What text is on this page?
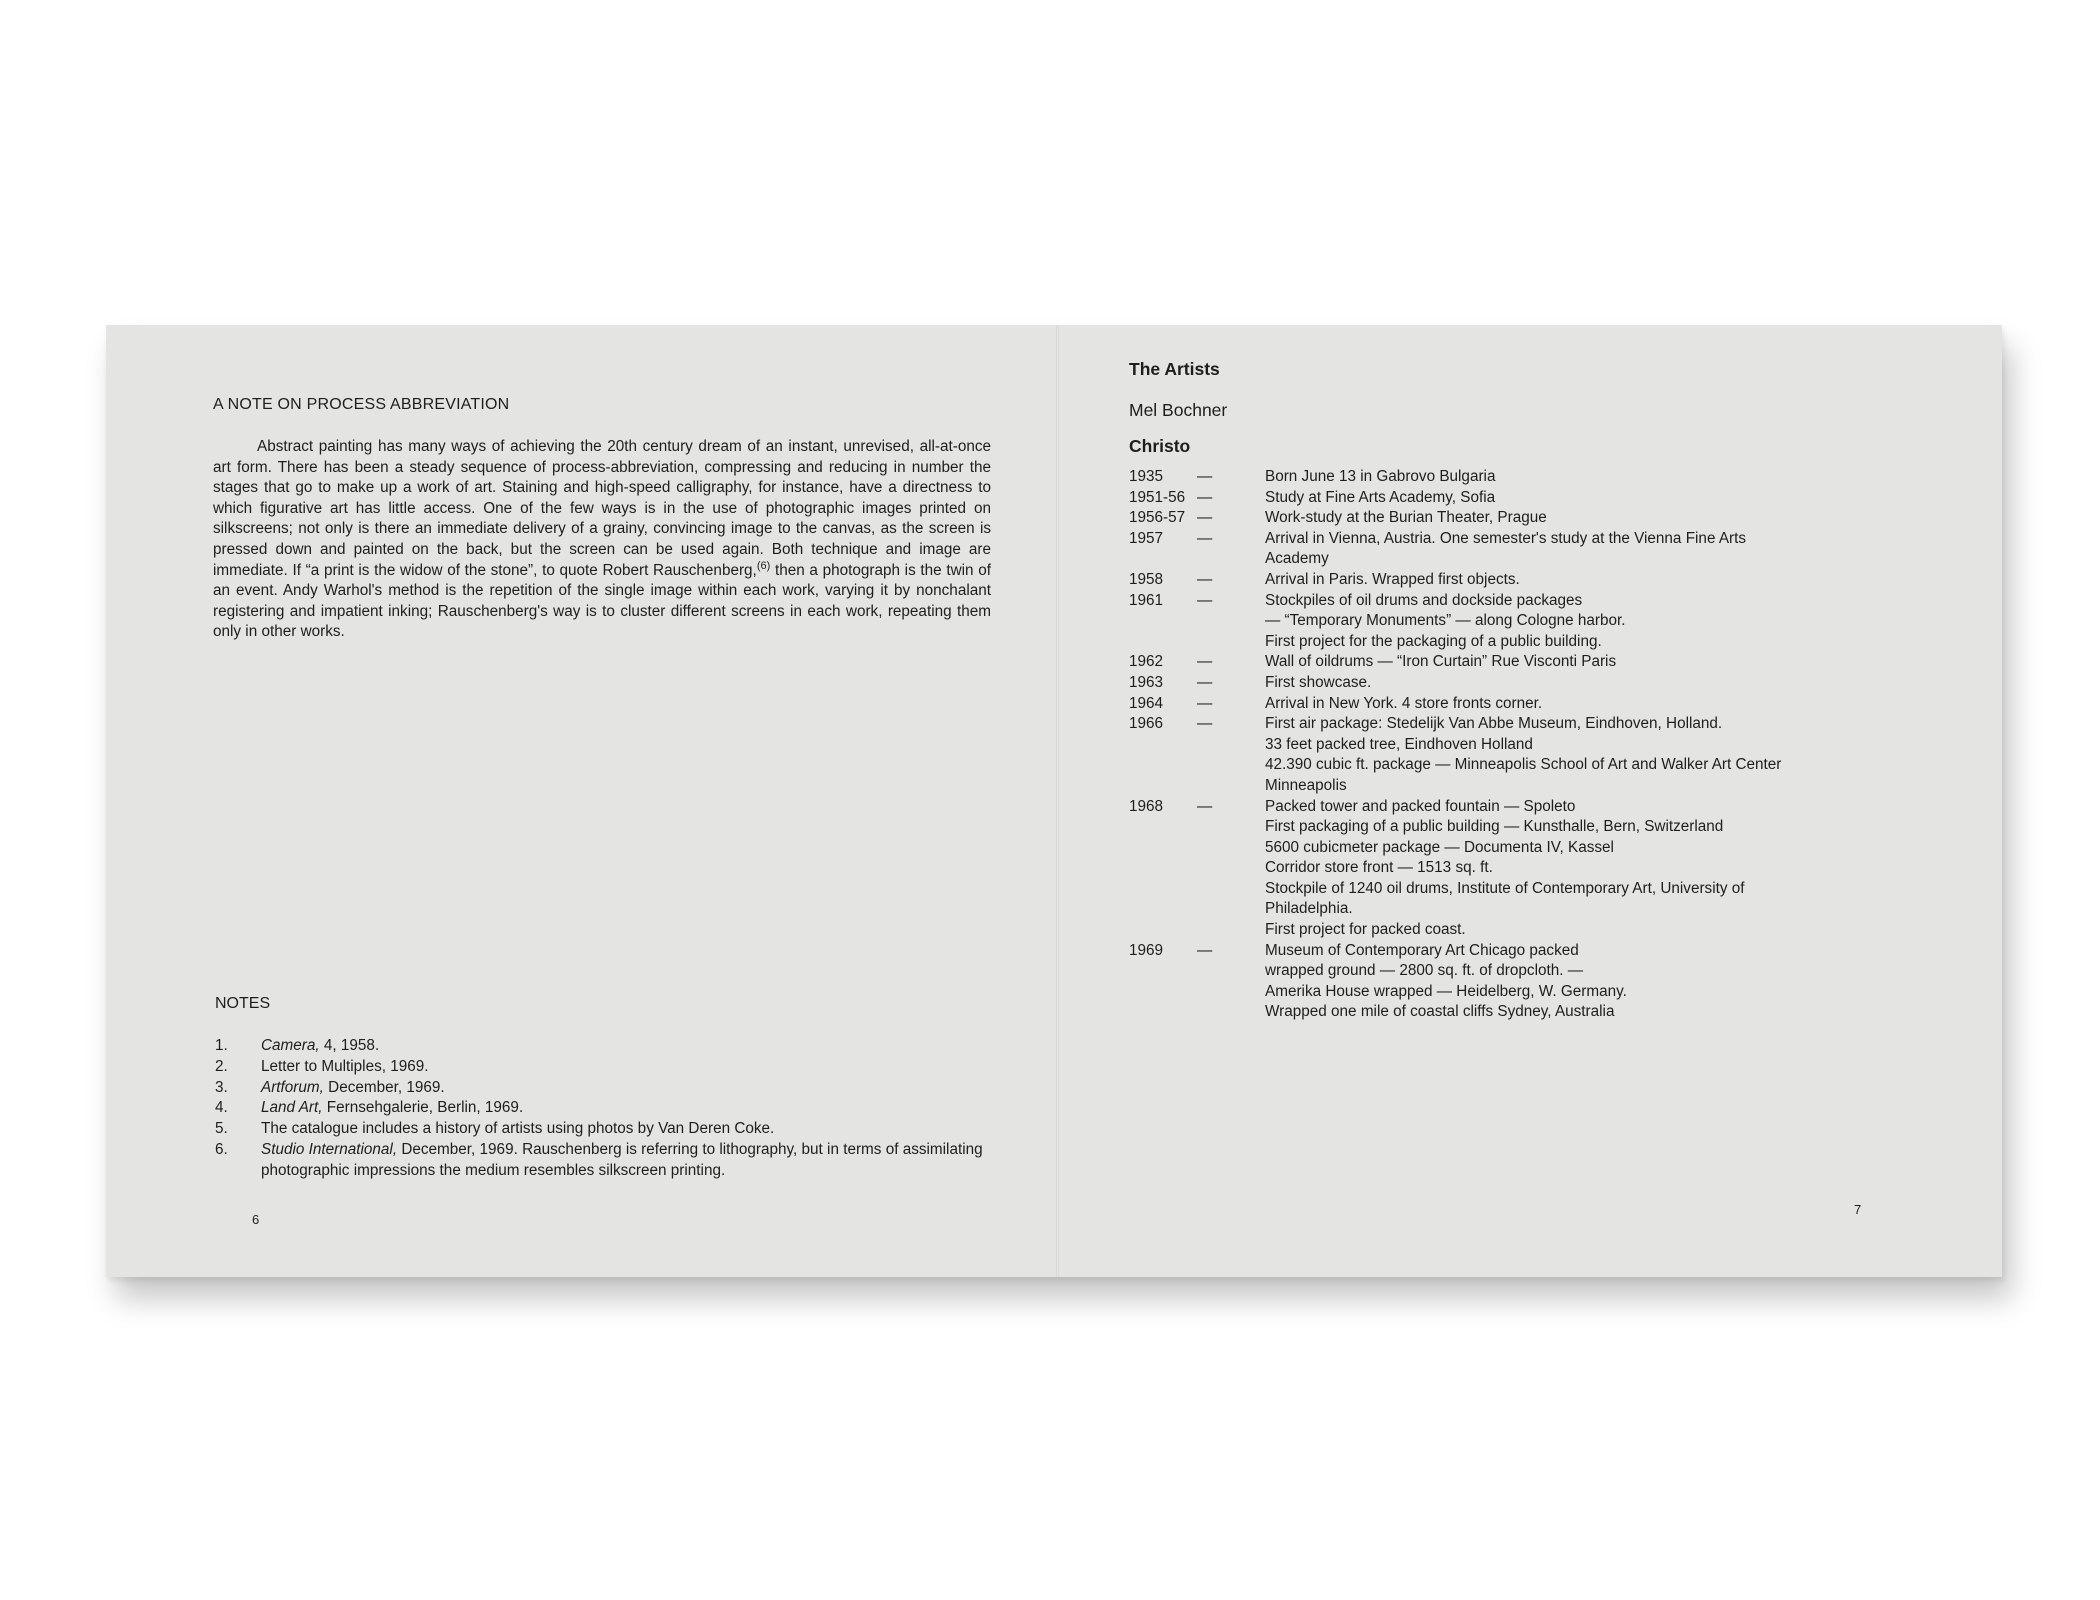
A NOTE ON PROCESS ABBREVIATION

Abstract painting has many ways of achieving the 20th century dream of an instant, unrevised, all-at-once art form. There has been a steady sequence of process-abbreviation, compressing and reducing in number the stages that go to make up a work of art. Staining and high-speed calligraphy, for instance, have a directness to which figurative art has little access. One of the few ways is in the use of photographic images printed on silkscreens; not only is there an immediate delivery of a grainy, convincing image to the canvas, as the screen is pressed down and painted on the back, but the screen can be used again. Both technique and image are immediate. If “a print is the widow of the stone”, to quote Robert Rauschenberg,$^{(6)}$ then a photograph is the twin of an event. Andy Warhol's method is the repetition of the single image within each work, varying it by nonchalant registering and impatient inking; Rauschenberg's way is to cluster different screens in each work, repeating them only in other works.

NOTES
1.	Camera, 4, 1958.
2.	Letter to Multiples, 1969.
3.	Artforum, December, 1969.
4.	Land Art, Fernsehgalerie, Berlin, 1969.
5.	The catalogue includes a history of artists using photos by Van Deren Coke.
6.	Studio International, December, 1969. Rauschenberg is referring to lithography, but in terms of assimilating photographic impressions the medium resembles silkscreen printing.
6
The Artists
Mel Bochner
Christo
1935	—	Born June 13 in Gabrovo Bulgaria
1951-56 —	Study at Fine Arts Academy, Sofia
1956-57 —	Work-study at the Burian Theater, Prague
1957	—	Arrival in Vienna, Austria. One semester's study at the Vienna Fine Arts
Academy
1958	—	Arrival in Paris. Wrapped first objects.
1961	—	Stockpiles of oil drums and dockside packages
— “Temporary Monuments” — along Cologne harbor.
First project for the packaging of a public building.
1962	—	Wall of oildrums — “Iron Curtain” Rue Visconti Paris
1963	—	First showcase.
1964	—	Arrival in New York. 4 store fronts corner.
1966	—	First air package: Stedelijk Van Abbe Museum, Eindhoven, Holland.
33 feet packed tree, Eindhoven Holland
42.390 cubic ft. package — Minneapolis School of Art and Walker Art Center
Minneapolis
1968	—	Packed tower and packed fountain — Spoleto
First packaging of a public building — Kunsthalle, Bern, Switzerland
5600 cubicmeter package — Documenta IV, Kassel
Corridor store front — 1513 sq. ft.
Stockpile of 1240 oil drums, Institute of Contemporary Art, University of
Philadelphia.
First project for packed coast.
1969	—	Museum of Contemporary Art Chicago packed
wrapped ground — 2800 sq. ft. of dropcloth. —
Amerika House wrapped — Heidelberg, W. Germany.
Wrapped one mile of coastal cliffs Sydney, Australia
7
